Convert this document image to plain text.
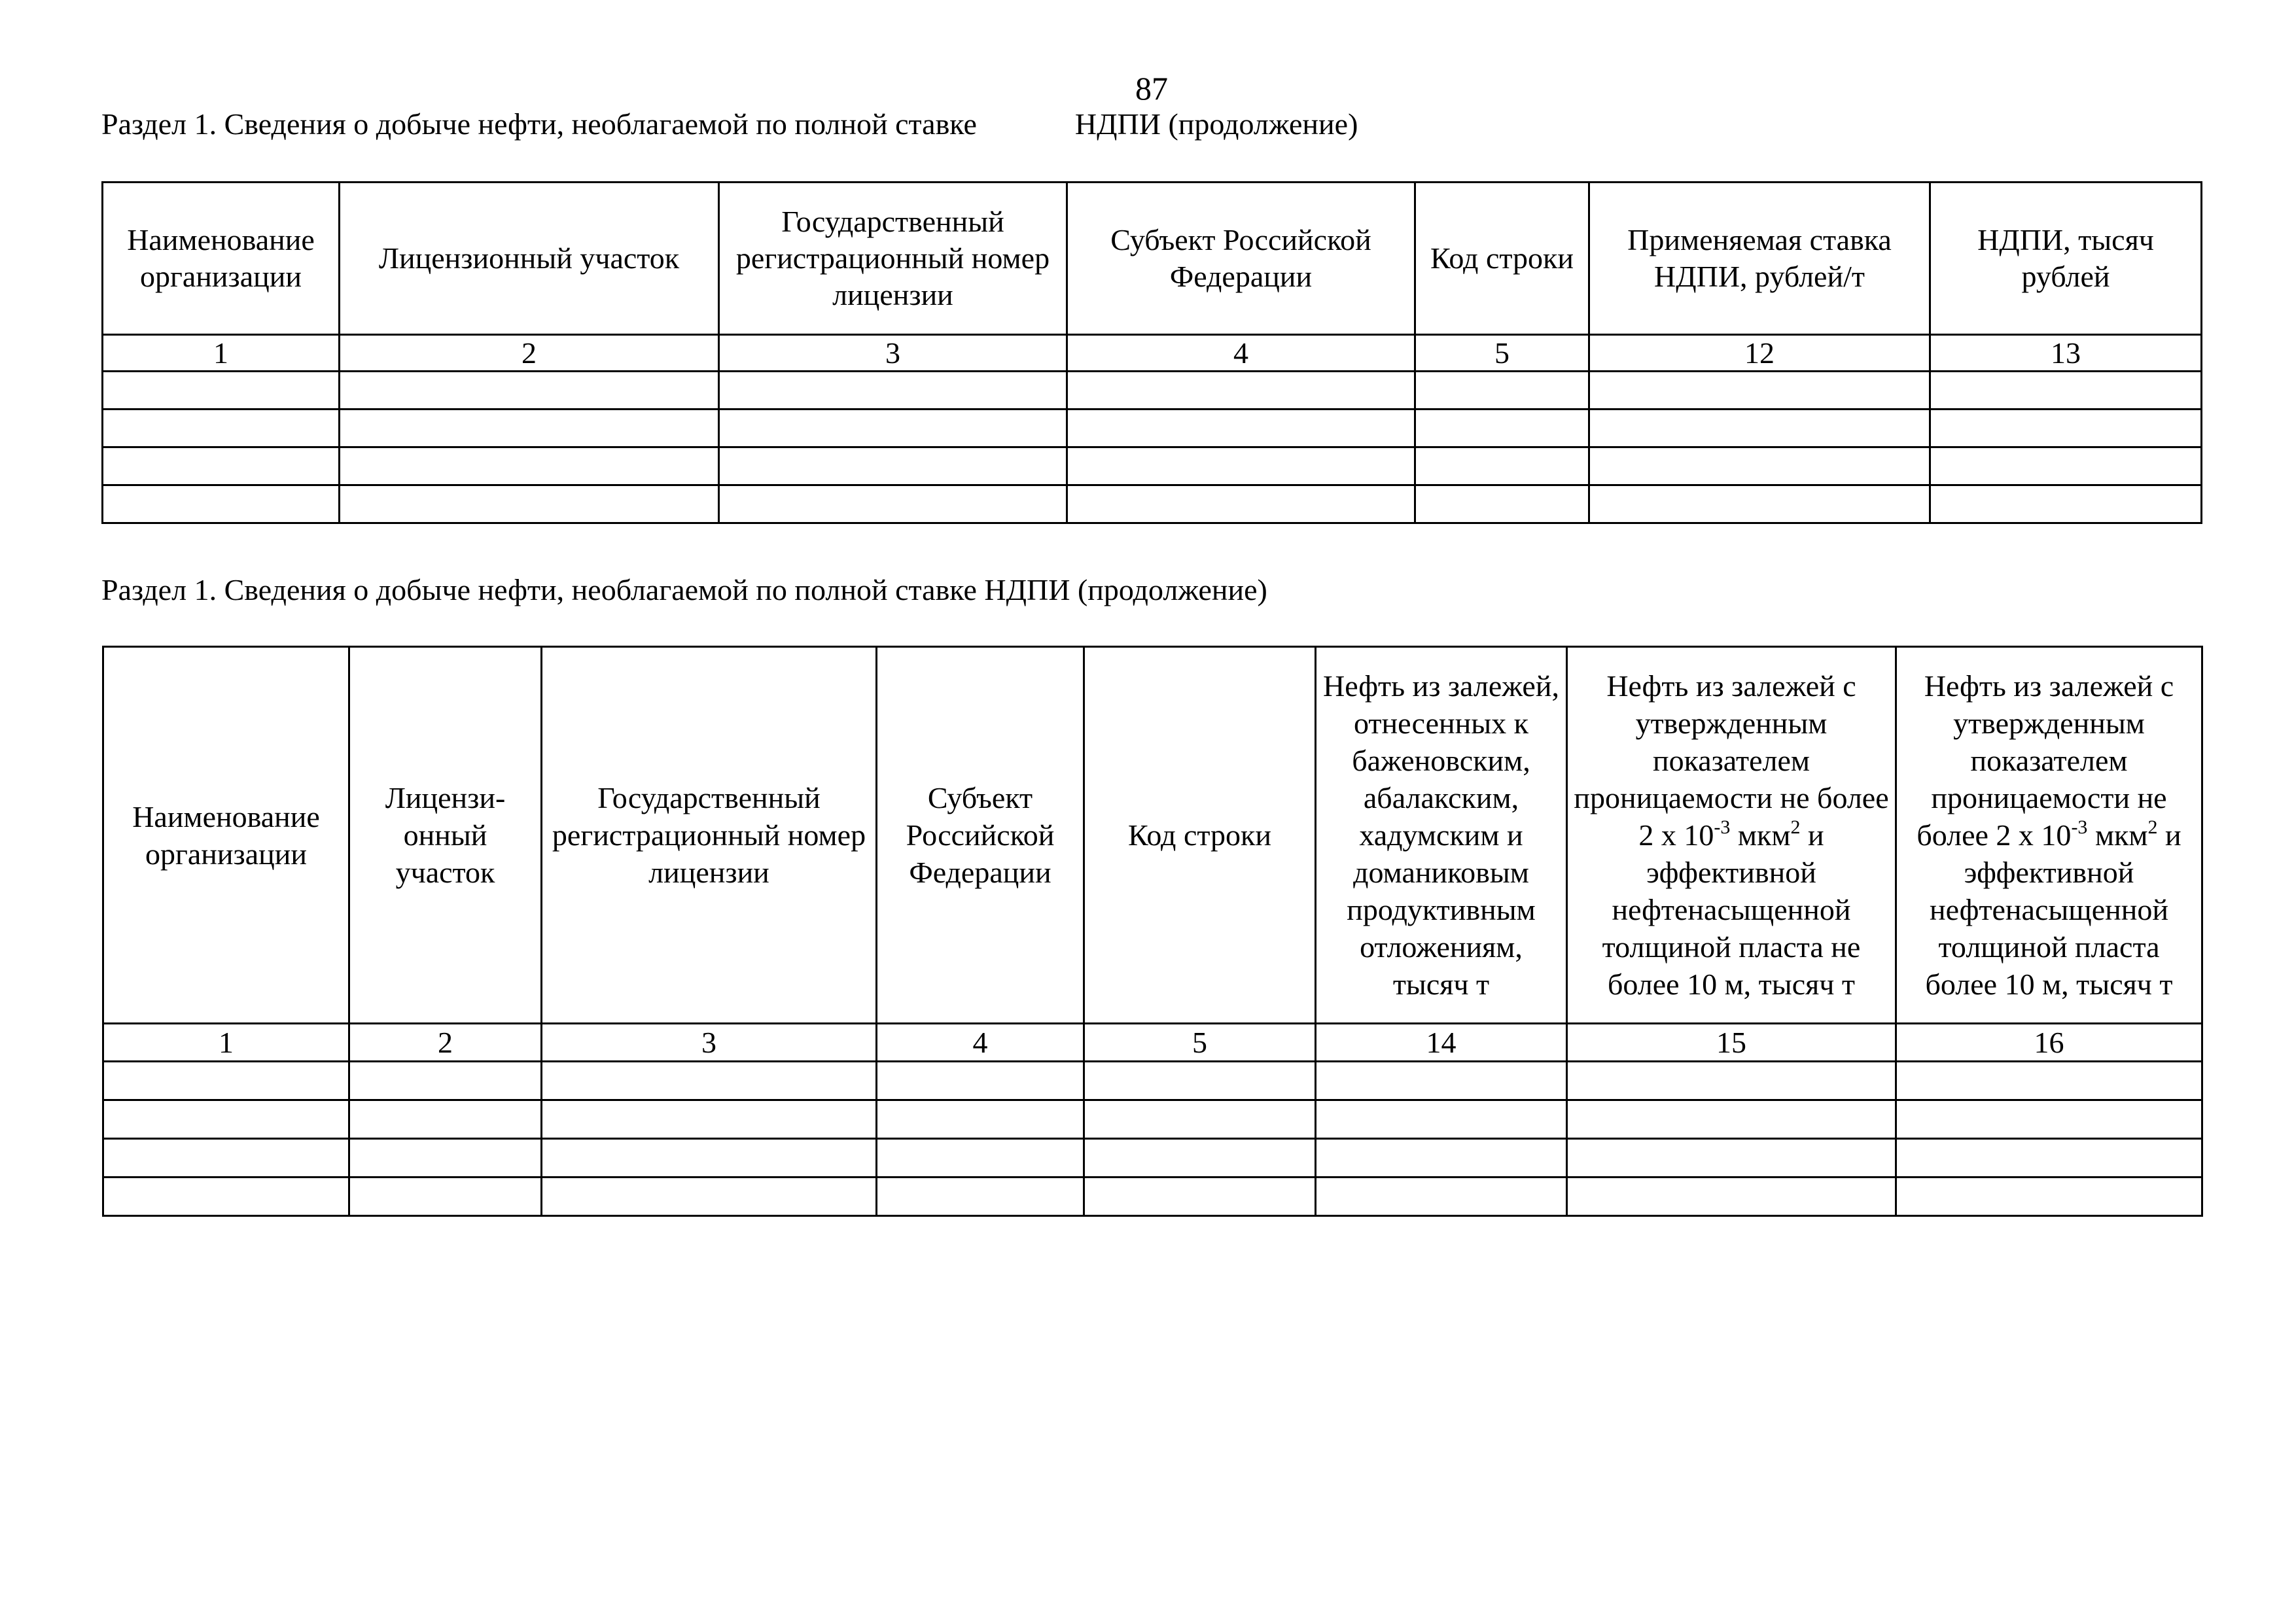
87
Раздел 1. Сведения о добыче нефти, необлагаемой по полной ставке	НДПИ (продолжение)
Наименование организации	Лицензионный участок	Государственный регистрационный номер лицензии	Субъект Российской Федерации	Код строки	Применяемая ставка НДПИ, рублей/т	НДПИ, тысяч рублей
1	2	3	4	5	12	13

Раздел 1. Сведения о добыче нефти, необлагаемой по полной ставке НДПИ (продолжение)
Наименование организации	Лицензи- онный участок	Государственный регистрационный номер лицензии	Субъект Российской Федерации	Код строки	Нефть из залежей, отнесенных к баженовским, абалакским, хадумским и доманиковым продуктивным отложениям, тысяч т	Нефть из залежей с утвержденным показателем проницаемости не более 2 х $10^{-3}$ мкм$^2$ и эффективной нефтенасыщенной толщиной пласта не более 10 м, тысяч т	Нефть из залежей с утвержденным показателем проницаемости не более 2 х $10^{-3}$ мкм$^2$ и эффективной нефтенасыщенной толщиной пласта более 10 м, тысяч т
1	2	3	4	5	14	15	16
